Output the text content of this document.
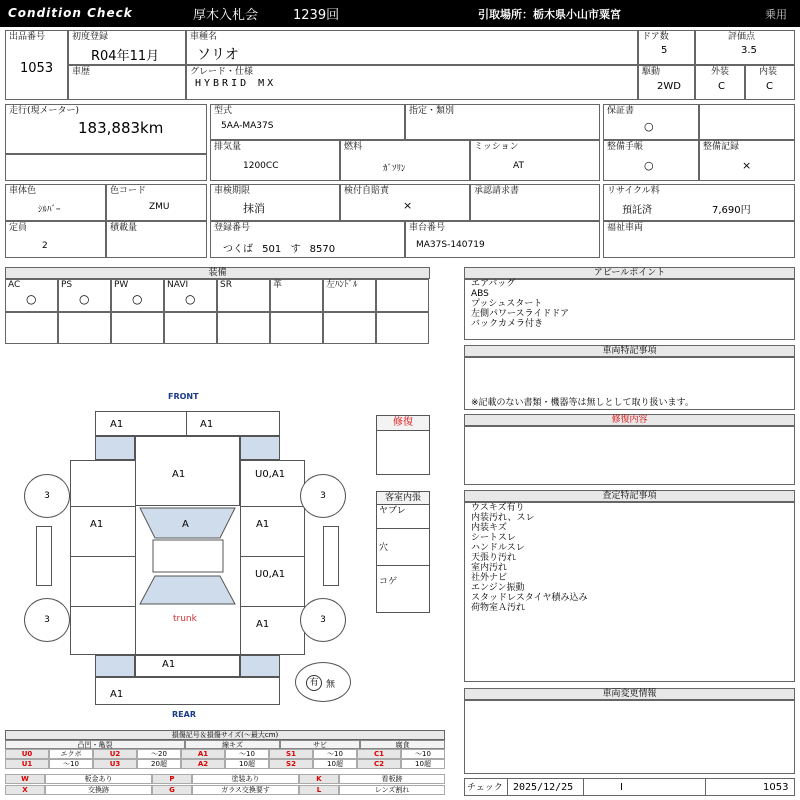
Condition Check	厚木入札会	1239回	引取場所：栃木県小山市粟宮	乗用
出品番号
1053
初度登録
R04年11月
車歴
車種名
ソリオ
グレード・仕様
HYBRID MX
ドア数
5
駆動
2WD
評価点
3.5
外装
C
内装
C
走行(現メーター)
183,883km
型式
5AA-MA37S
指定・類別
排気量
1200CC
燃料
ｶﾞｿﾘﾝ
ミッション
AT
保証書
○
整備手帳
○
整備記録
×
車体色
ｼﾙﾊﾞｰ
色コード
ZMU
定員
2
積載量
車検期限
抹消
検付自賠責
×
承認請求書
登録番号
つくば 501 す 8570
車台番号
MA37S-140719
リサイクル料
預託済	7,690円
福祉車両
装備
AC
○
PS
○
PW
○
NAVI
○
SR	革	左ﾊﾝﾄﾞﾙ
アピールポイント
エアバッグ
ABS
プッシュスタート
左側パワースライドドア
バックカメラ付き
車両特記事項
※記載のない書類・機器等は無しとして取り扱います。
修復内容
査定特記事項
ウスキズ有り
内装汚れ、スレ
内装キズ
シートスレ
ハンドルスレ
天張り汚れ
室内汚れ
社外ナビ
エンジン振動
スタッドレスタイヤ積み込み
荷物室Ａ汚れ
車両変更情報
チェック 2025/12/25	I	1053
FRONT
REAR
A1	A1
A1	U0,A1
A1	A1
U0,A1
A1
A
trunk
3	3
3	3
A1
A1
有 無
修復
客室内張
ヤブレ
穴
コゲ
損傷記号＆損傷サイズ(〜最大cm)
凸凹・亀裂	線キズ	サビ	腐食
U0	エクボ	U2	〜20	A1	〜10	S1	〜10	C1	〜10
U1	〜10	U3	20超	A2	10超	S2	10超	C2	10超
W	板金あり	P	塗装あり	K	看板跡
X	交換跡	G	ガラス交換要す	L	レンズ割れ
